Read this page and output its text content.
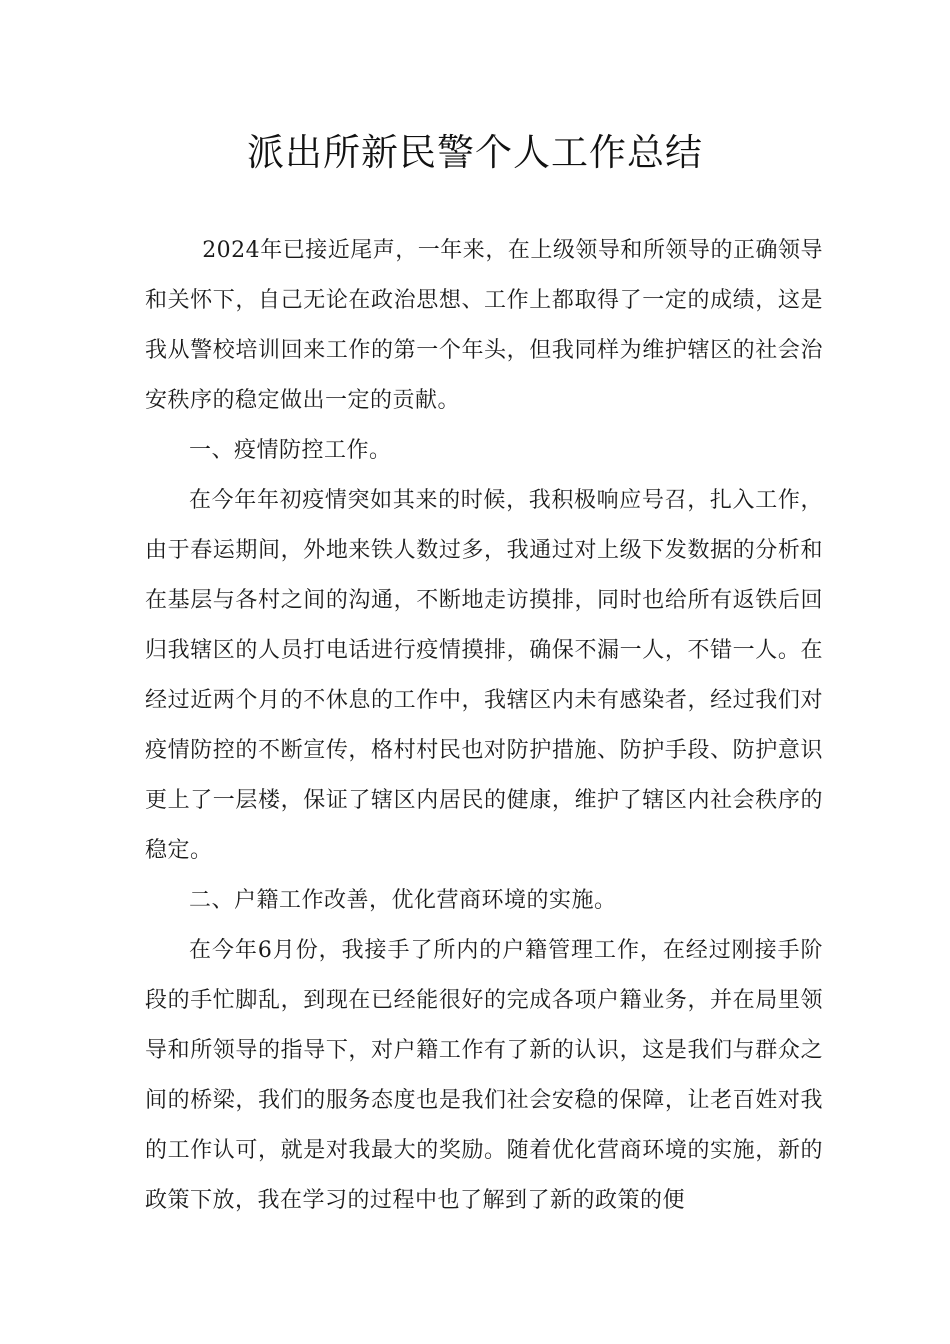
派出所新民警个人工作总结

2024年已接近尾声，一年来，在上级领导和所领导的正确领导和关怀下，自己无论在政治思想、工作上都取得了一定的成绩，这是我从警校培训回来工作的第一个年头，但我同样为维护辖区的社会治安秩序的稳定做出一定的贡献。

一、疫情防控工作。

在今年年初疫情突如其来的时候，我积极响应号召，扎入工作，由于春运期间，外地来铁人数过多，我通过对上级下发数据的分析和在基层与各村之间的沟通，不断地走访摸排，同时也给所有返铁后回归我辖区的人员打电话进行疫情摸排，确保不漏一人，不错一人。在经过近两个月的不休息的工作中，我辖区内未有感染者，经过我们对疫情防控的不断宣传，格村村民也对防护措施、防护手段、防护意识更上了一层楼，保证了辖区内居民的健康，维护了辖区内社会秩序的稳定。

二、户籍工作改善，优化营商环境的实施。

在今年6月份，我接手了所内的户籍管理工作，在经过刚接手阶段的手忙脚乱，到现在已经能很好的完成各项户籍业务，并在局里领导和所领导的指导下，对户籍工作有了新的认识，这是我们与群众之间的桥梁，我们的服务态度也是我们社会安稳的保障，让老百姓对我的工作认可，就是对我最大的奖励。随着优化营商环境的实施，新的政策下放，我在学习的过程中也了解到了新的政策的便
